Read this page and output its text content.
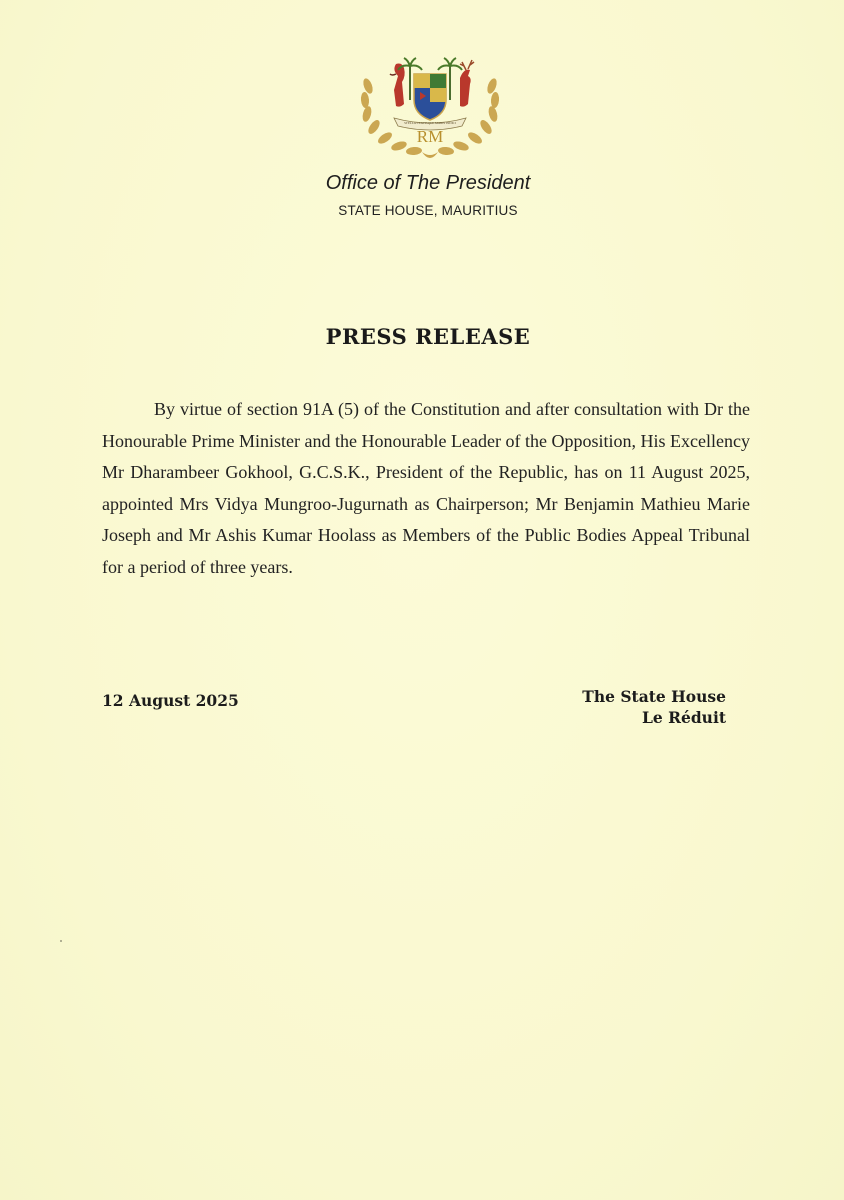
RM
STELLA CLAVISQUE MARIS INDICI
Office of The President
STATE HOUSE, MAURITIUS
PRESS RELEASE
By virtue of section 91A (5) of the Constitution and after consultation with Dr the Honourable Prime Minister and the Honourable Leader of the Opposition, His Excellency Mr Dharambeer Gokhool, G.C.S.K., President of the Republic, has on 11 August 2025, appointed Mrs Vidya Mungroo-Jugurnath as Chairperson; Mr Benjamin Mathieu Marie Joseph and Mr Ashis Kumar Hoolass as Members of the Public Bodies Appeal Tribunal for a period of three years.
12 August 2025	The State House
Le Réduit
